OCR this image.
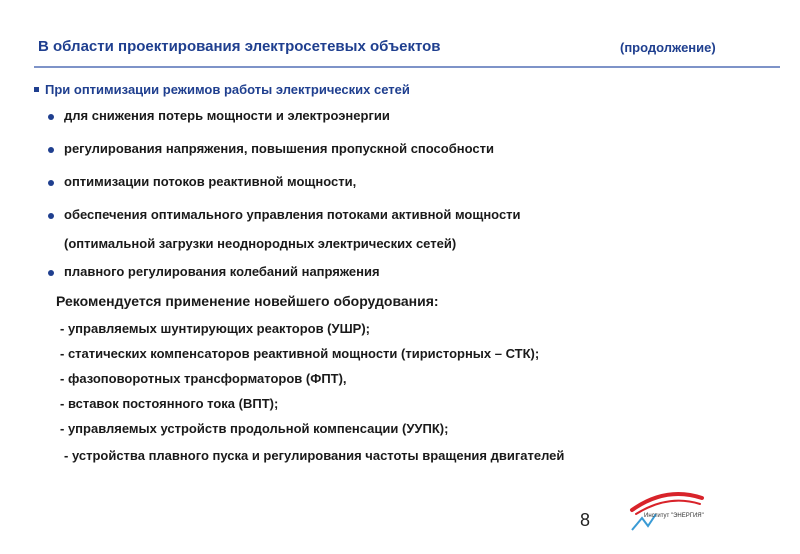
В области проектирования электросетевых объектов	(продолжение)
При оптимизации режимов работы электрических сетей
для снижения потерь мощности и электроэнергии
регулирования напряжения, повышения пропускной способности
оптимизации потоков реактивной мощности,
обеспечения оптимального управления потоками активной мощности
плавного регулирования колебаний напряжения
(оптимальной загрузки неоднородных электрических сетей)
Рекомендуется применение новейшего оборудования:
- управляемых шунтирующих реакторов (УШР);
- статических компенсаторов реактивной мощности (тиристорных – СТК);
- фазоповоротных трансформаторов (ФПТ),
- вставок постоянного тока (ВПТ);
- управляемых устройств продольной компенсации (УУПК);
- устройства плавного пуска и регулирования частоты вращения двигателей
8	Институт "ЭНЕРГИЯ"
